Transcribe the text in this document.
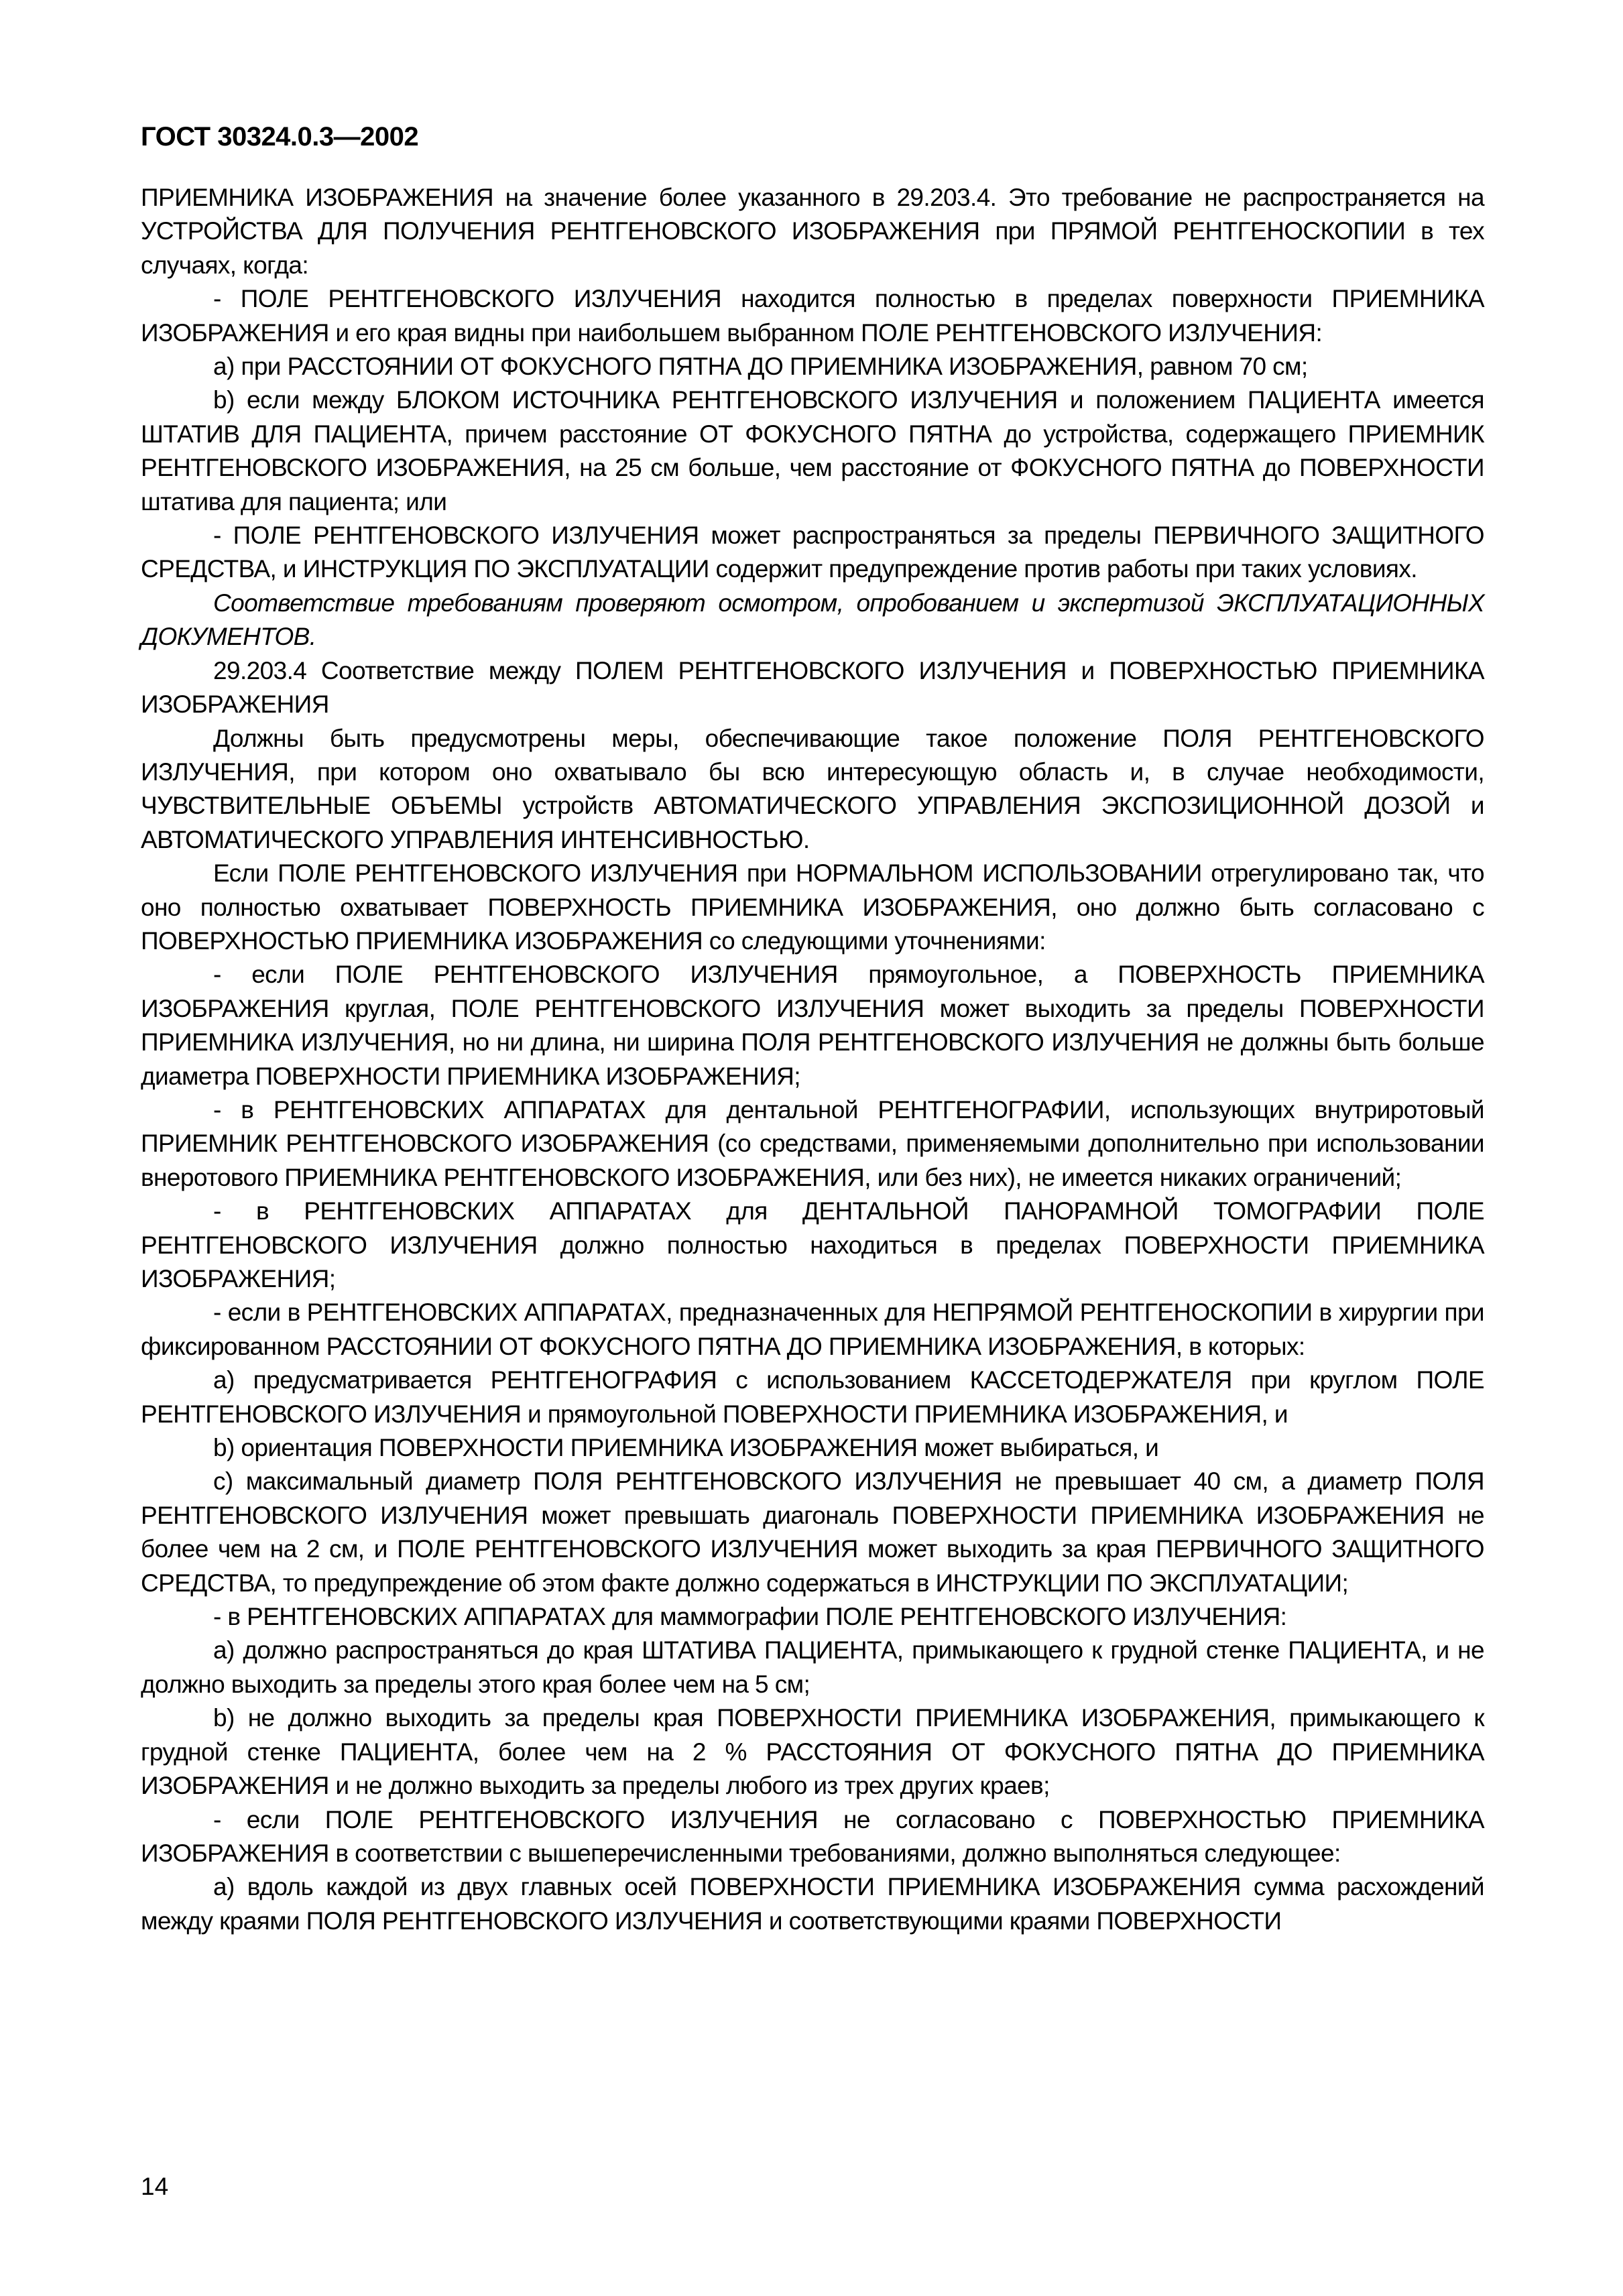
ГОСТ 30324.0.3—2002

ПРИЕМНИКА ИЗОБРАЖЕНИЯ на значение более указанного в 29.203.4. Это требование не распространяется на УСТРОЙСТВА ДЛЯ ПОЛУЧЕНИЯ РЕНТГЕНОВСКОГО ИЗОБРАЖЕНИЯ при ПРЯМОЙ РЕНТГЕНОСКОПИИ в тех случаях, когда:

- ПОЛЕ РЕНТГЕНОВСКОГО ИЗЛУЧЕНИЯ находится полностью в пределах поверхности ПРИЕМНИКА ИЗОБРАЖЕНИЯ и его края видны при наибольшем выбранном ПОЛЕ РЕНТГЕНОВСКОГО ИЗЛУЧЕНИЯ:

a) при РАССТОЯНИИ ОТ ФОКУСНОГО ПЯТНА ДО ПРИЕМНИКА ИЗОБРАЖЕНИЯ, равном 70 см;

b) если между БЛОКОМ ИСТОЧНИКА РЕНТГЕНОВСКОГО ИЗЛУЧЕНИЯ и положением ПАЦИЕНТА имеется ШТАТИВ ДЛЯ ПАЦИЕНТА, причем расстояние ОТ ФОКУСНОГО ПЯТНА до устройства, содержащего ПРИЕМНИК РЕНТГЕНОВСКОГО ИЗОБРАЖЕНИЯ, на 25 см больше, чем расстояние от ФОКУСНОГО ПЯТНА до ПОВЕРХНОСТИ штатива для пациента; или

- ПОЛЕ РЕНТГЕНОВСКОГО ИЗЛУЧЕНИЯ может распространяться за пределы ПЕРВИЧНОГО ЗАЩИТНОГО СРЕДСТВА, и ИНСТРУКЦИЯ ПО ЭКСПЛУАТАЦИИ содержит предупреждение против работы при таких условиях.

Соответствие требованиям проверяют осмотром, опробованием и экспертизой ЭКСПЛУАТАЦИОННЫХ ДОКУМЕНТОВ.

29.203.4 Соответствие между ПОЛЕМ РЕНТГЕНОВСКОГО ИЗЛУЧЕНИЯ и ПОВЕРХНОСТЬЮ ПРИЕМНИКА ИЗОБРАЖЕНИЯ

Должны быть предусмотрены меры, обеспечивающие такое положение ПОЛЯ РЕНТГЕНОВСКОГО ИЗЛУЧЕНИЯ, при котором оно охватывало бы всю интересующую область и, в случае необходимости, ЧУВСТВИТЕЛЬНЫЕ ОБЪЕМЫ устройств АВТОМАТИЧЕСКОГО УПРАВЛЕНИЯ ЭКСПОЗИЦИОННОЙ ДОЗОЙ и АВТОМАТИЧЕСКОГО УПРАВЛЕНИЯ ИНТЕНСИВНОСТЬЮ.

Если ПОЛЕ РЕНТГЕНОВСКОГО ИЗЛУЧЕНИЯ при НОРМАЛЬНОМ ИСПОЛЬЗОВАНИИ отрегулировано так, что оно полностью охватывает ПОВЕРХНОСТЬ ПРИЕМНИКА ИЗОБРАЖЕНИЯ, оно должно быть согласовано с ПОВЕРХНОСТЬЮ ПРИЕМНИКА ИЗОБРАЖЕНИЯ со следующими уточнениями:

- если ПОЛЕ РЕНТГЕНОВСКОГО ИЗЛУЧЕНИЯ прямоугольное, а ПОВЕРХНОСТЬ ПРИЕМНИКА ИЗОБРАЖЕНИЯ круглая, ПОЛЕ РЕНТГЕНОВСКОГО ИЗЛУЧЕНИЯ может выходить за пределы ПОВЕРХНОСТИ ПРИЕМНИКА ИЗЛУЧЕНИЯ, но ни длина, ни ширина ПОЛЯ РЕНТГЕНОВСКОГО ИЗЛУЧЕНИЯ не должны быть больше диаметра ПОВЕРХНОСТИ ПРИЕМНИКА ИЗОБРАЖЕНИЯ;

- в РЕНТГЕНОВСКИХ АППАРАТАХ для дентальной РЕНТГЕНОГРАФИИ, использующих внутриротовый ПРИЕМНИК РЕНТГЕНОВСКОГО ИЗОБРАЖЕНИЯ (со средствами, применяемыми дополнительно при использовании внеротового ПРИЕМНИКА РЕНТГЕНОВСКОГО ИЗОБРАЖЕНИЯ, или без них), не имеется никаких ограничений;

- в РЕНТГЕНОВСКИХ АППАРАТАХ для ДЕНТАЛЬНОЙ ПАНОРАМНОЙ ТОМОГРАФИИ ПОЛЕ РЕНТГЕНОВСКОГО ИЗЛУЧЕНИЯ должно полностью находиться в пределах ПОВЕРХНОСТИ ПРИЕМНИКА ИЗОБРАЖЕНИЯ;

- если в РЕНТГЕНОВСКИХ АППАРАТАХ, предназначенных для НЕПРЯМОЙ РЕНТГЕНОСКОПИИ в хирургии при фиксированном РАССТОЯНИИ ОТ ФОКУСНОГО ПЯТНА ДО ПРИЕМНИКА ИЗОБРАЖЕНИЯ, в которых:

a) предусматривается РЕНТГЕНОГРАФИЯ с использованием КАССЕТОДЕРЖАТЕЛЯ при круглом ПОЛЕ РЕНТГЕНОВСКОГО ИЗЛУЧЕНИЯ и прямоугольной ПОВЕРХНОСТИ ПРИЕМНИКА ИЗОБРАЖЕНИЯ, и

b) ориентация ПОВЕРХНОСТИ ПРИЕМНИКА ИЗОБРАЖЕНИЯ может выбираться, и

c) максимальный диаметр ПОЛЯ РЕНТГЕНОВСКОГО ИЗЛУЧЕНИЯ не превышает 40 см, а диаметр ПОЛЯ РЕНТГЕНОВСКОГО ИЗЛУЧЕНИЯ может превышать диагональ ПОВЕРХНОСТИ ПРИЕМНИКА ИЗОБРАЖЕНИЯ не более чем на 2 см, и ПОЛЕ РЕНТГЕНОВСКОГО ИЗЛУЧЕНИЯ может выходить за края ПЕРВИЧНОГО ЗАЩИТНОГО СРЕДСТВА, то предупреждение об этом факте должно содержаться в ИНСТРУКЦИИ ПО ЭКСПЛУАТАЦИИ;

- в РЕНТГЕНОВСКИХ АППАРАТАХ для маммографии ПОЛЕ РЕНТГЕНОВСКОГО ИЗЛУЧЕНИЯ:

a) должно распространяться до края ШТАТИВА ПАЦИЕНТА, примыкающего к грудной стенке ПАЦИЕНТА, и не должно выходить за пределы этого края более чем на 5 см;

b) не должно выходить за пределы края ПОВЕРХНОСТИ ПРИЕМНИКА ИЗОБРАЖЕНИЯ, примыкающего к грудной стенке ПАЦИЕНТА, более чем на 2 % РАССТОЯНИЯ ОТ ФОКУСНОГО ПЯТНА ДО ПРИЕМНИКА ИЗОБРАЖЕНИЯ и не должно выходить за пределы любого из трех других краев;

- если ПОЛЕ РЕНТГЕНОВСКОГО ИЗЛУЧЕНИЯ не согласовано с ПОВЕРХНОСТЬЮ ПРИЕМНИКА ИЗОБРАЖЕНИЯ в соответствии с вышеперечисленными требованиями, должно выполняться следующее:

a) вдоль каждой из двух главных осей ПОВЕРХНОСТИ ПРИЕМНИКА ИЗОБРАЖЕНИЯ сумма расхождений между краями ПОЛЯ РЕНТГЕНОВСКОГО ИЗЛУЧЕНИЯ и соответствующими краями ПОВЕРХНОСТИ

14
